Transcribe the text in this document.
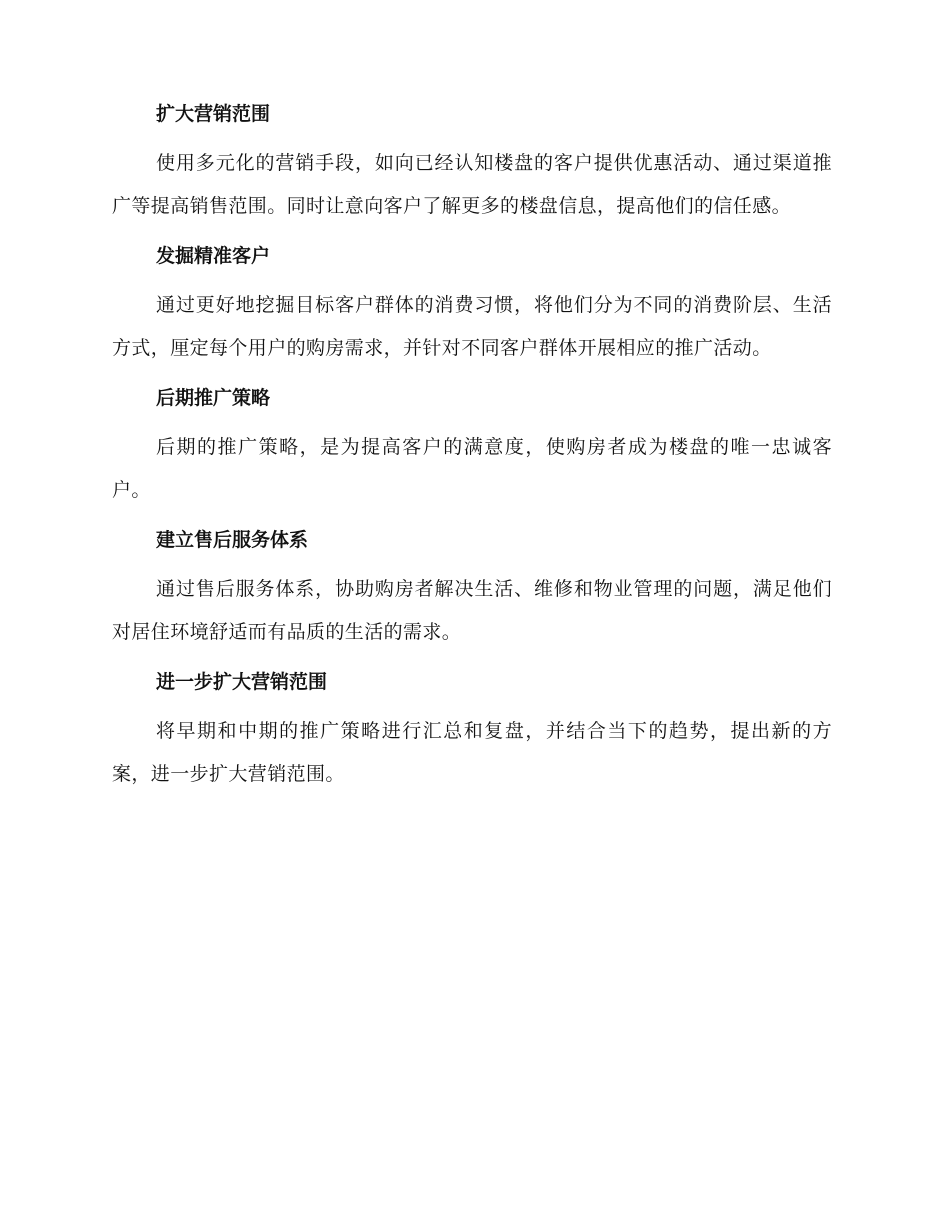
扩大营销范围
使用多元化的营销手段，如向已经认知楼盘的客户提供优惠活动、通过渠道推广等提高销售范围。同时让意向客户了解更多的楼盘信息，提高他们的信任感。
发掘精准客户
通过更好地挖掘目标客户群体的消费习惯，将他们分为不同的消费阶层、生活方式，厘定每个用户的购房需求，并针对不同客户群体开展相应的推广活动。
后期推广策略
后期的推广策略，是为提高客户的满意度，使购房者成为楼盘的唯一忠诚客户。
建立售后服务体系
通过售后服务体系，协助购房者解决生活、维修和物业管理的问题，满足他们对居住环境舒适而有品质的生活的需求。
进一步扩大营销范围
将早期和中期的推广策略进行汇总和复盘，并结合当下的趋势，提出新的方案，进一步扩大营销范围。
